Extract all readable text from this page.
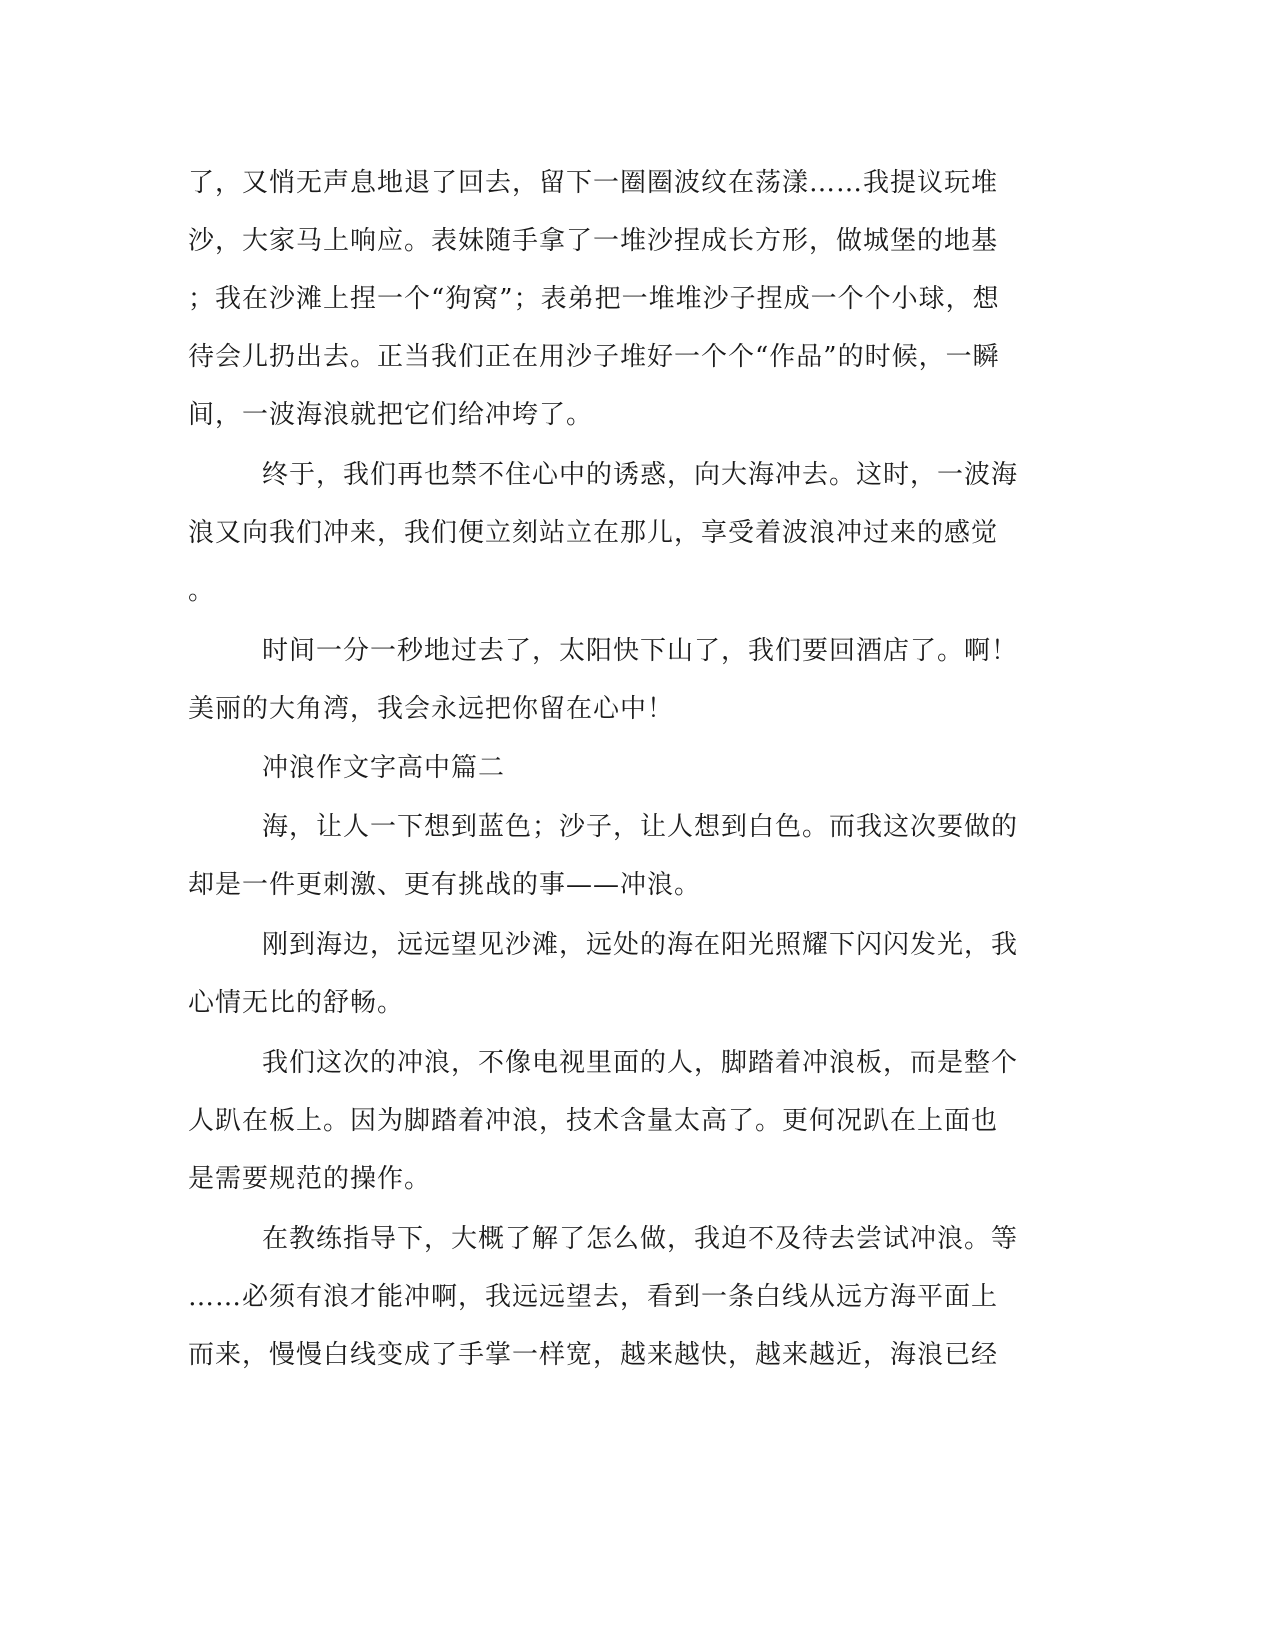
了，又悄无声息地退了回去，留下一圈圈波纹在荡漾……我提议玩堆
沙，大家马上响应。表妹随手拿了一堆沙捏成长方形，做城堡的地基
；我在沙滩上捏一个“狗窝”；表弟把一堆堆沙子捏成一个个小球，想
待会儿扔出去。正当我们正在用沙子堆好一个个“作品”的时候，一瞬
间，一波海浪就把它们给冲垮了。
终于，我们再也禁不住心中的诱惑，向大海冲去。这时，一波海
浪又向我们冲来，我们便立刻站立在那儿，享受着波浪冲过来的感觉
。
时间一分一秒地过去了，太阳快下山了，我们要回酒店了。啊！
美丽的大角湾，我会永远把你留在心中！
冲浪作文字高中篇二
海，让人一下想到蓝色；沙子，让人想到白色。而我这次要做的
却是一件更刺激、更有挑战的事——冲浪。
刚到海边，远远望见沙滩，远处的海在阳光照耀下闪闪发光，我
心情无比的舒畅。
我们这次的冲浪，不像电视里面的人，脚踏着冲浪板，而是整个
人趴在板上。因为脚踏着冲浪，技术含量太高了。更何况趴在上面也
是需要规范的操作。
在教练指导下，大概了解了怎么做，我迫不及待去尝试冲浪。等
……必须有浪才能冲啊，我远远望去，看到一条白线从远方海平面上
而来，慢慢白线变成了手掌一样宽，越来越快，越来越近，海浪已经
